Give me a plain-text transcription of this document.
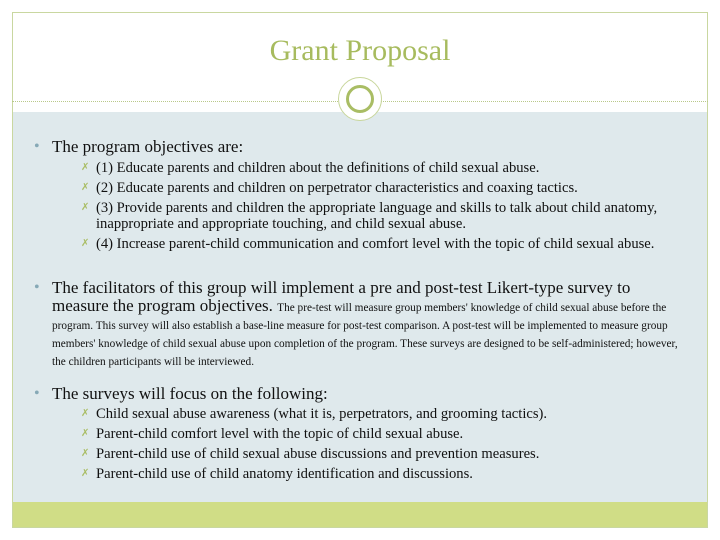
Grant Proposal
• The program objectives are:
✗ (1) Educate parents and children about the definitions of child sexual abuse.
✗ (2) Educate parents and children on perpetrator characteristics and coaxing tactics.
✗ (3) Provide parents and children the appropriate language and skills to talk about child anatomy, inappropriate and appropriate touching, and child sexual abuse.
✗ (4) Increase parent-child communication and comfort level with the topic of child sexual abuse.
• The facilitators of this group will implement a pre and post-test Likert-type survey to measure the program objectives. The pre-test will measure group members' knowledge of child sexual abuse before the program. This survey will also establish a base-line measure for post-test comparison. A post-test will be implemented to measure group members' knowledge of child sexual abuse upon completion of the program. These surveys are designed to be self-administered; however, the children participants will be interviewed.
• The surveys will focus on the following:
✗ Child sexual abuse awareness (what it is, perpetrators, and grooming tactics).
✗ Parent-child comfort level with the topic of child sexual abuse.
✗ Parent-child use of child sexual abuse discussions and prevention measures.
✗ Parent-child use of child anatomy identification and discussions.
